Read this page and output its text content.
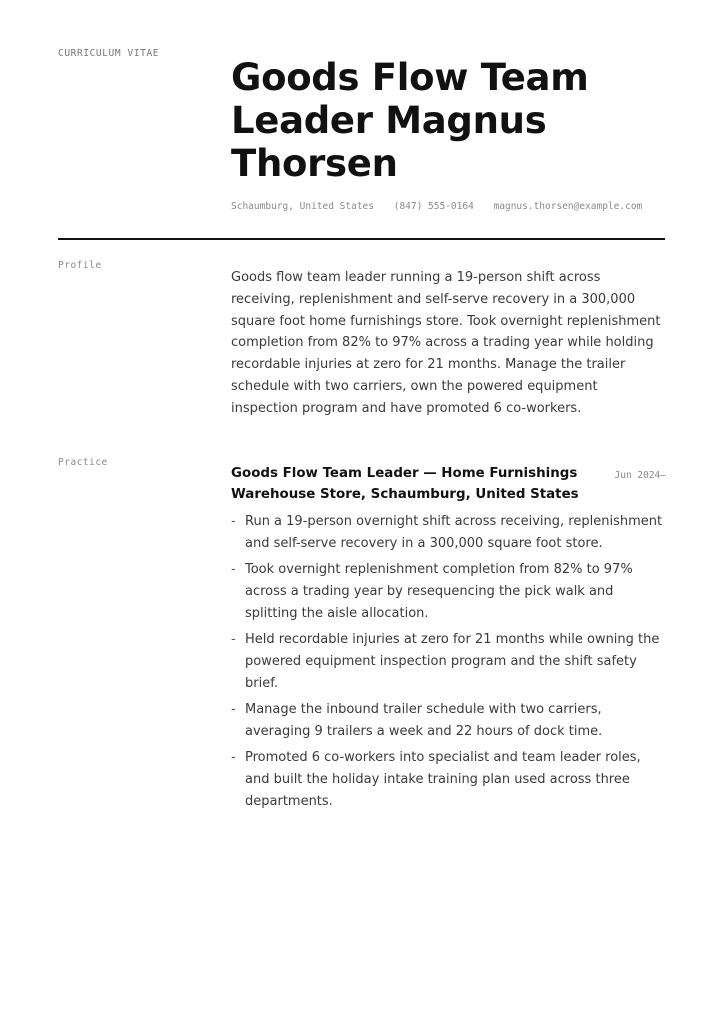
CURRICULUM VITAE
Goods Flow Team Leader Magnus Thorsen
Schaumburg, United States (847) 555-0164 magnus.thorsen@example.com
Profile

Goods flow team leader running a 19-person shift across receiving, replenishment and self-serve recovery in a 300,000 square foot home furnishings store. Took overnight replenishment completion from 82% to 97% across a trading year while holding recordable injuries at zero for 21 months. Manage the trailer schedule with two carriers, own the powered equipment inspection program and have promoted 6 co-workers.

Practice
Goods Flow Team Leader — Home Furnishings Warehouse Store, Schaumburg, United States
Jun 2024–
- Run a 19-person overnight shift across receiving, replenishment and self-serve recovery in a 300,000 square foot store.
- Took overnight replenishment completion from 82% to 97% across a trading year by resequencing the pick walk and splitting the aisle allocation.
- Held recordable injuries at zero for 21 months while owning the powered equipment inspection program and the shift safety brief.
- Manage the inbound trailer schedule with two carriers, averaging 9 trailers a week and 22 hours of dock time.
- Promoted 6 co-workers into specialist and team leader roles, and built the holiday intake training plan used across three departments.
